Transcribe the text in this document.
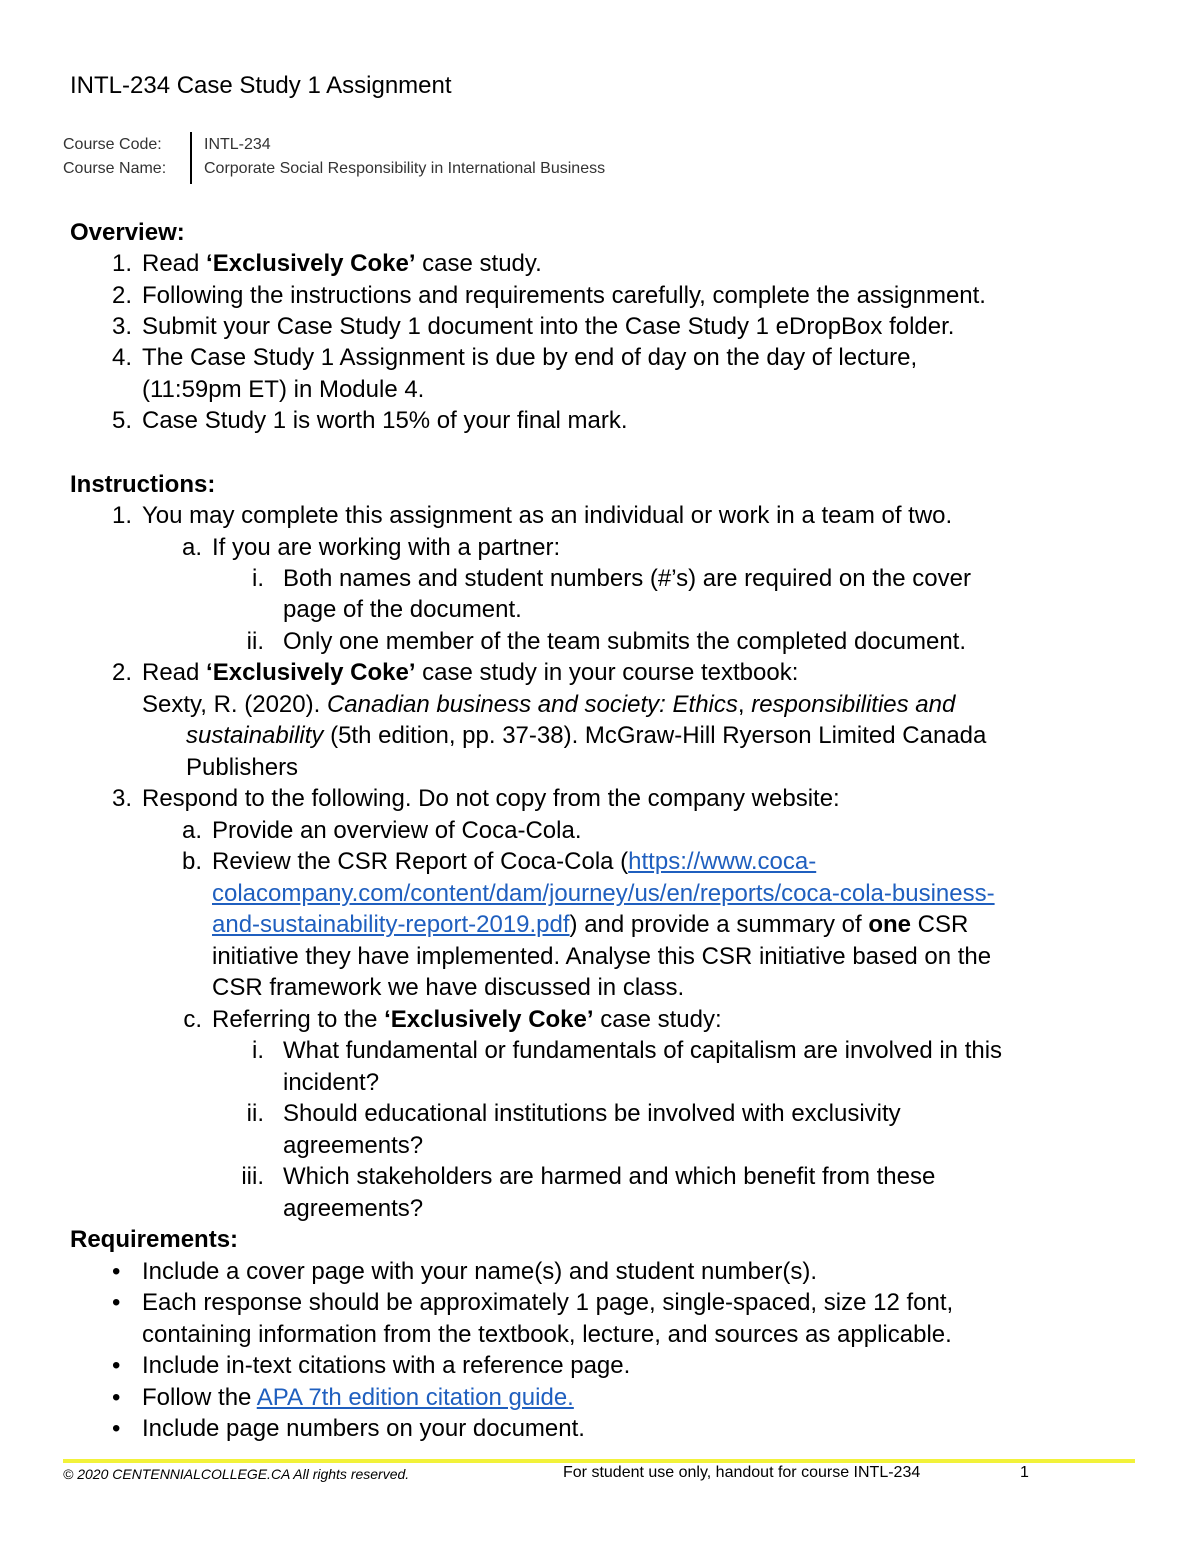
INTL-234 Case Study 1 Assignment
Course Code:	INTL-234
Course Name: Corporate Social Responsibility in International Business
Overview:
1. Read ‘Exclusively Coke’ case study.
2. Following the instructions and requirements carefully, complete the assignment.
3. Submit your Case Study 1 document into the Case Study 1 eDropBox folder.
4. The Case Study 1 Assignment is due by end of day on the day of lecture,
(11:59pm ET) in Module 4.
5. Case Study 1 is worth 15% of your final mark.
Instructions:
1. You may complete this assignment as an individual or work in a team of two.
a. If you are working with a partner:
i. Both names and student numbers (#’s) are required on the cover
page of the document.
ii. Only one member of the team submits the completed document.
2. Read ‘Exclusively Coke’ case study in your course textbook:
Sexty, R. (2020). Canadian business and society: Ethics, responsibilities and
sustainability (5th edition, pp. 37-38). McGraw-Hill Ryerson Limited Canada
Publishers
3. Respond to the following. Do not copy from the company website:
a. Provide an overview of Coca-Cola.
b. Review the CSR Report of Coca-Cola (https://www.coca-
colacompany.com/content/dam/journey/us/en/reports/coca-cola-business-
and-sustainability-report-2019.pdf) and provide a summary of one CSR
initiative they have implemented. Analyse this CSR initiative based on the
CSR framework we have discussed in class.
c. Referring to the ‘Exclusively Coke’ case study:
i. What fundamental or fundamentals of capitalism are involved in this
incident?
ii. Should educational institutions be involved with exclusivity
agreements?
iii. Which stakeholders are harmed and which benefit from these
agreements?
Requirements:
• Include a cover page with your name(s) and student number(s).
• Each response should be approximately 1 page, single-spaced, size 12 font,
containing information from the textbook, lecture, and sources as applicable.
• Include in-text citations with a reference page.
• Follow the APA 7th edition citation guide.
• Include page numbers on your document.
© 2020 CENTENNIALCOLLEGE.CA All rights reserved.	For student use only, handout for course INTL-234	1
